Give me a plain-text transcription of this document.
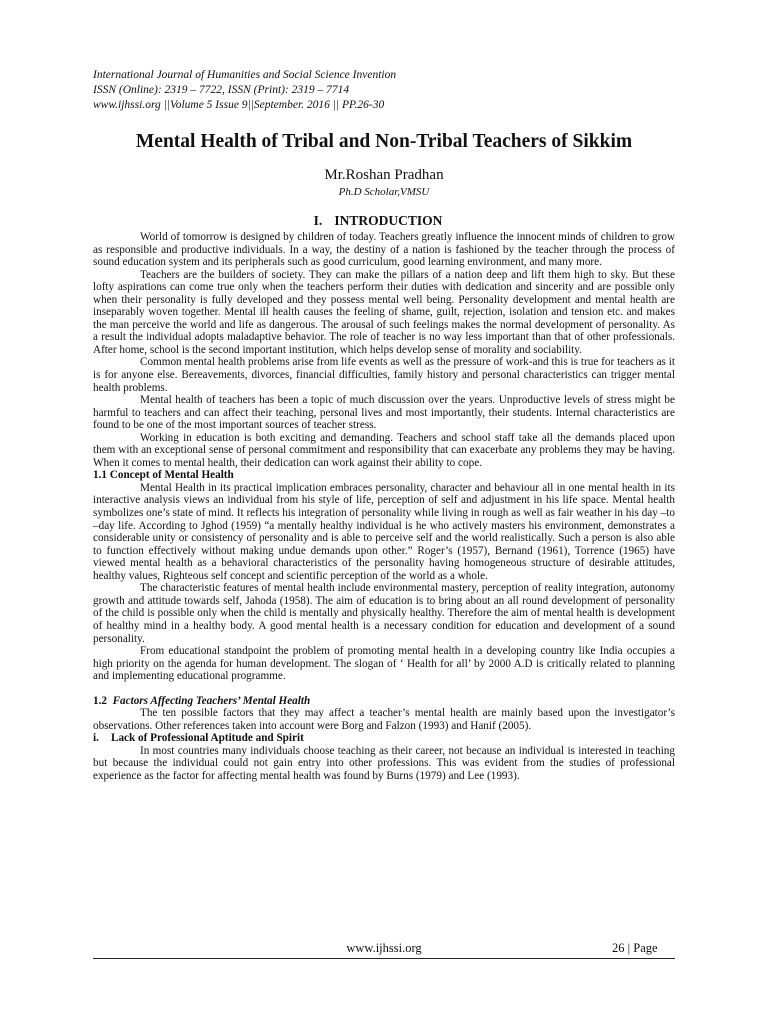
International Journal of Humanities and Social Science Invention
ISSN (Online): 2319 – 7722, ISSN (Print): 2319 – 7714
www.ijhssi.org ||Volume 5 Issue 9||September. 2016 || PP.26-30
Mental Health of Tribal and Non-Tribal Teachers of Sikkim
Mr.Roshan Pradhan
Ph.D Scholar,VMSU
I. INTRODUCTION

World of tomorrow is designed by children of today. Teachers greatly influence the innocent minds of children to grow as responsible and productive individuals. In a way, the destiny of a nation is fashioned by the teacher through the process of sound education system and its peripherals such as good curriculum, good learning environment, and many more.

Teachers are the builders of society. They can make the pillars of a nation deep and lift them high to sky. But these lofty aspirations can come true only when the teachers perform their duties with dedication and sincerity and are possible only when their personality is fully developed and they possess mental well being. Personality development and mental health are inseparably woven together. Mental ill health causes the feeling of shame, guilt, rejection, isolation and tension etc. and makes the man perceive the world and life as dangerous. The arousal of such feelings makes the normal development of personality. As a result the individual adopts maladaptive behavior. The role of teacher is no way less important than that of other professionals. After home, school is the second important institution, which helps develop sense of morality and sociability.

Common mental health problems arise from life events as well as the pressure of work-and this is true for teachers as it is for anyone else. Bereavements, divorces, financial difficulties, family history and personal characteristics can trigger mental health problems.

Mental health of teachers has been a topic of much discussion over the years. Unproductive levels of stress might be harmful to teachers and can affect their teaching, personal lives and most importantly, their students. Internal characteristics are found to be one of the most important sources of teacher stress.

Working in education is both exciting and demanding. Teachers and school staff take all the demands placed upon them with an exceptional sense of personal commitment and responsibility that can exacerbate any problems they may be having. When it comes to mental health, their dedication can work against their ability to cope.

1.1 Concept of Mental Health

Mental Health in its practical implication embraces personality, character and behaviour all in one mental health in its interactive analysis views an individual from his style of life, perception of self and adjustment in his life space. Mental health symbolizes one’s state of mind. It reflects his integration of personality while living in rough as well as fair weather in his day –to –day life. According to Jghod (1959) “a mentally healthy individual is he who actively masters his environment, demonstrates a considerable unity or consistency of personality and is able to perceive self and the world realistically. Such a person is also able to function effectively without making undue demands upon other.” Roger’s (1957), Bernand (1961), Torrence (1965) have viewed mental health as a behavioral characteristics of the personality having homogeneous structure of desirable attitudes, healthy values, Righteous self concept and scientific perception of the world as a whole.

The characteristic features of mental health include environmental mastery, perception of reality integration, autonomy growth and attitude towards self, Jahoda (1958). The aim of education is to bring about an all round development of personality of the child is possible only when the child is mentally and physically healthy. Therefore the aim of mental health is development of healthy mind in a healthy body. A good mental health is a necessary condition for education and development of a sound personality.

From educational standpoint the problem of promoting mental health in a developing country like India occupies a high priority on the agenda for human development. The slogan of ‘ Health for all’ by 2000 A.D is critically related to planning and implementing educational programme.

1.2 Factors Affecting Teachers’ Mental Health

The ten possible factors that they may affect a teacher’s mental health are mainly based upon the investigator’s observations. Other references taken into account were Borg and Falzon (1993) and Hanif (2005).

i. Lack of Professional Aptitude and Spirit

In most countries many individuals choose teaching as their career, not because an individual is interested in teaching but because the individual could not gain entry into other professions. This was evident from the studies of professional experience as the factor for affecting mental health was found by Burns (1979) and Lee (1993).

www.ijhssi.org	26 | Page
